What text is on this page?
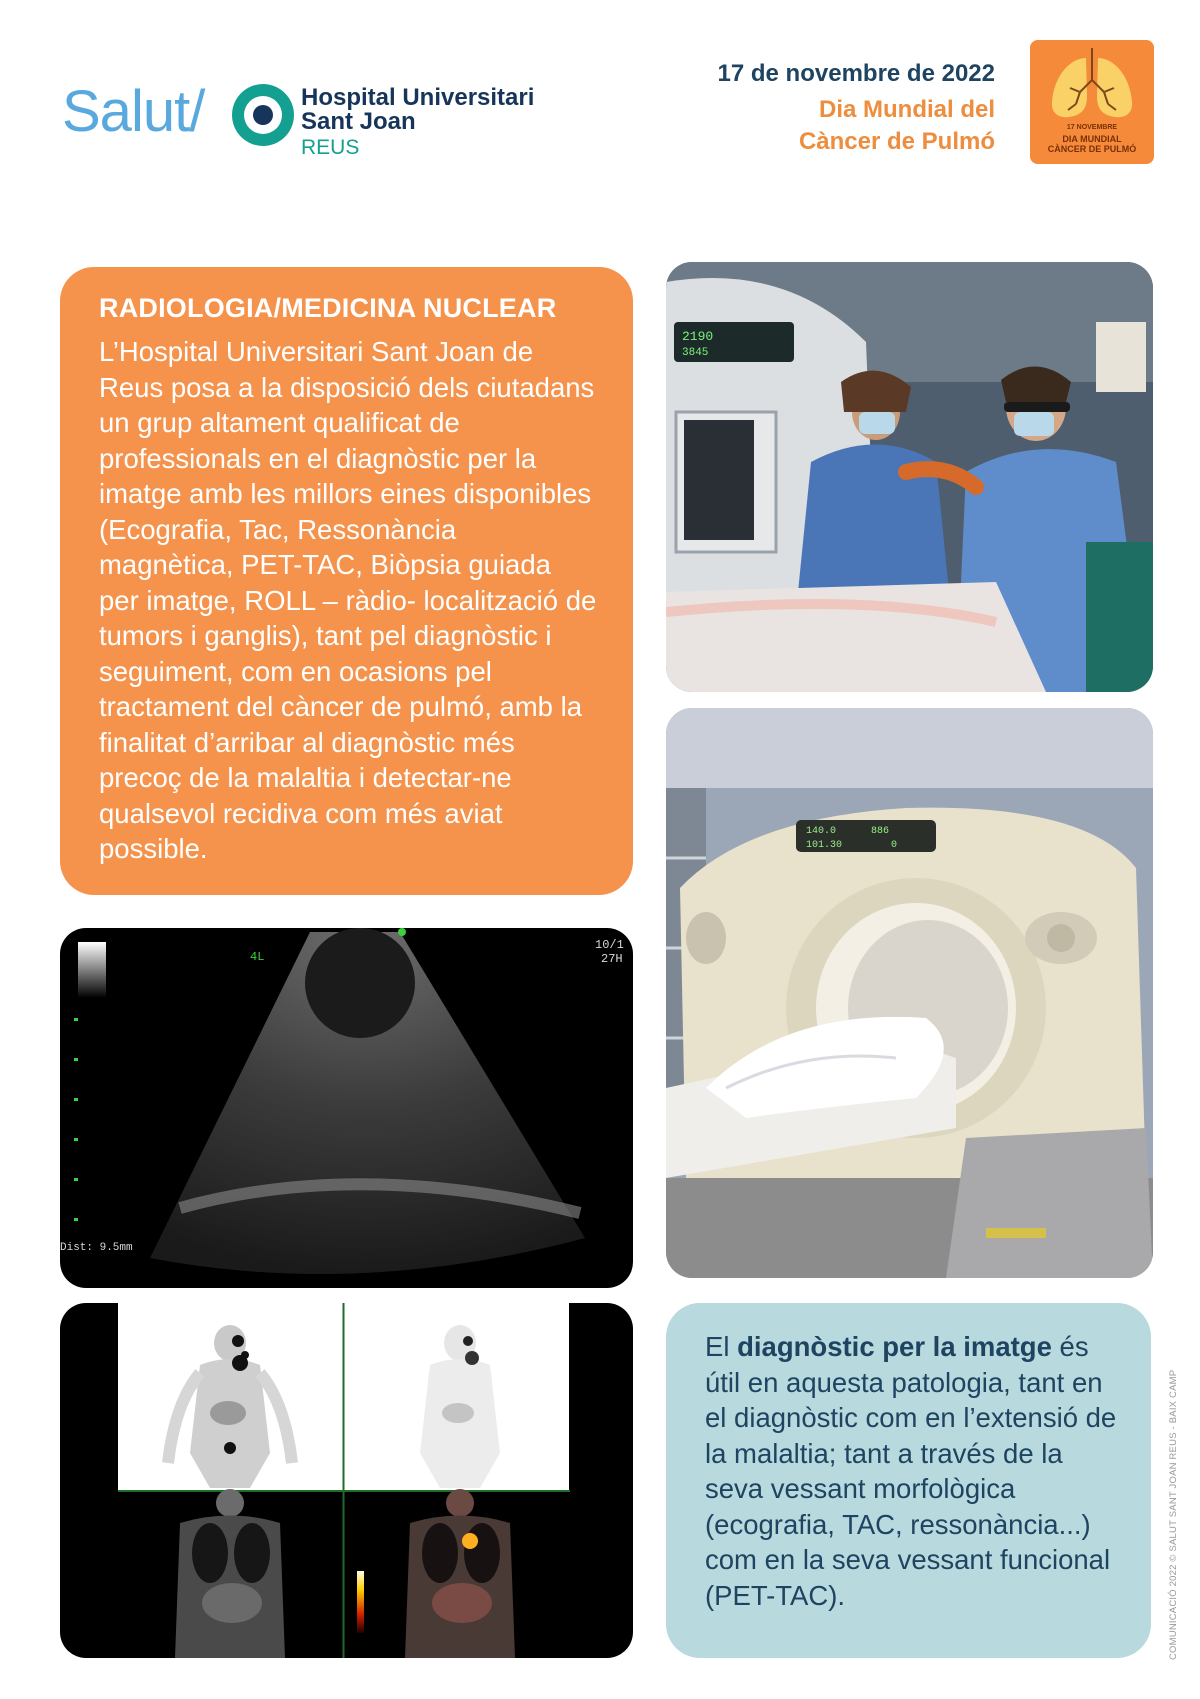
Salut/	Hospital Universitari
Sant Joan
REUS
17 de novembre de 2022
Dia Mundial del
Càncer de Pulmó
17 NOVEMBRE
DIA MUNDIAL
CÀNCER DE PULMÓ
RADIOLOGIA/MEDICINA NUCLEAR

L’Hospital Universitari Sant Joan de Reus posa a la disposició dels ciutadans un grup altament qualificat de professionals en el diagnòstic per la imatge amb les millors eines disponibles (Ecografia, Tac, Ressonància magnètica, PET-TAC, Biòpsia guiada per imatge, ROLL – ràdio- localització de tumors i ganglis), tant pel diagnòstic i seguiment, com en ocasions pel tractament del càncer de pulmó, amb la finalitat d’arribar al diagnòstic més precoç de la malaltia i detectar-ne qualsevol recidiva com més aviat possible.

2190
3845
140.0
101.30
886
0
4L
10/1
27H
Dist: 9.5mm

El diagnòstic per la imatge és útil en aquesta patologia, tant en el diagnòstic com en l’extensió de la malaltia; tant a través de la seva vessant morfològica (ecografia, TAC, ressonància...) com en la seva vessant funcional (PET-TAC).	COMUNICACIÓ 2022 © SALUT SANT JOAN REUS - BAIX CAMP
